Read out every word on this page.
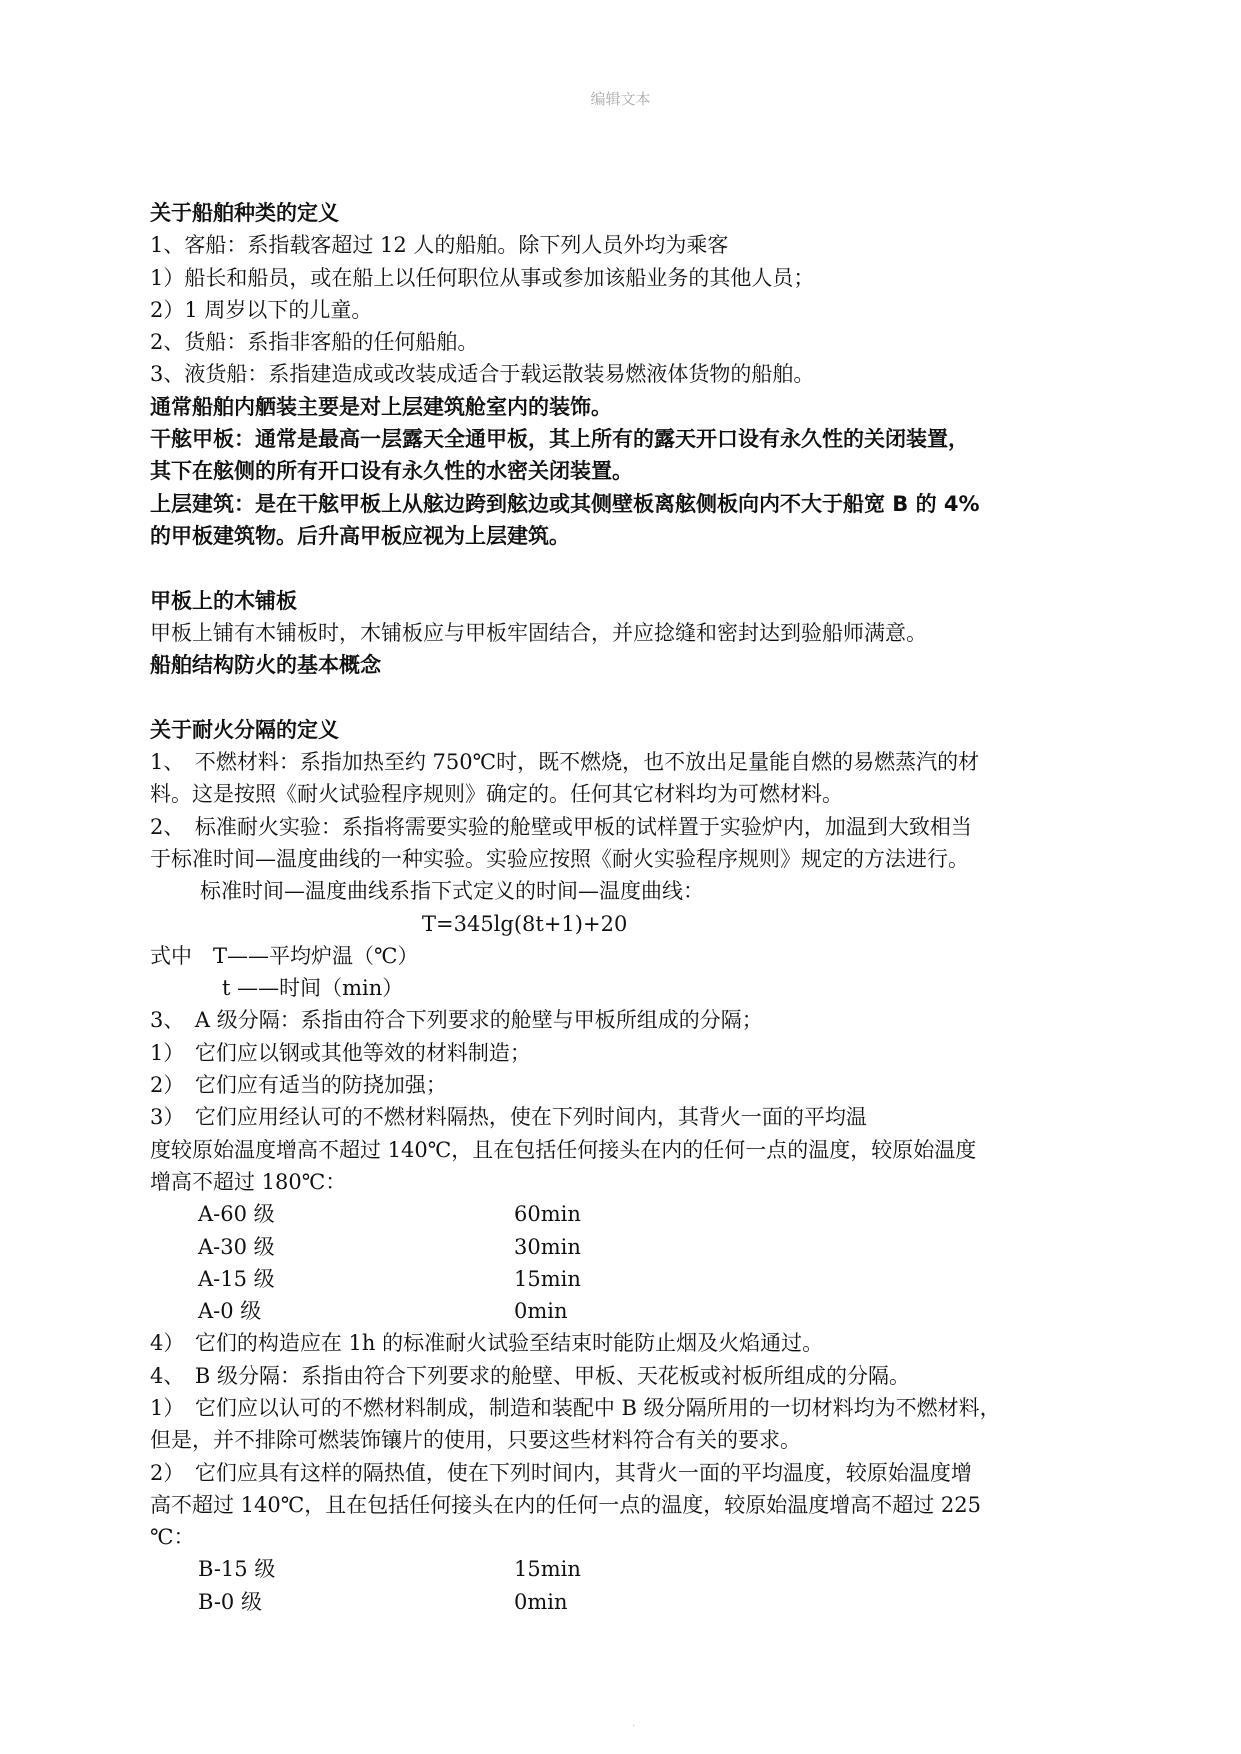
编辑文本
关于船舶种类的定义
1、客船：系指载客超过 12 人的船舶。除下列人员外均为乘客
1）船长和船员，或在船上以任何职位从事或参加该船业务的其他人员；
2）1 周岁以下的儿童。
2、货船：系指非客船的任何船舶。
3、液货船：系指建造成或改装成适合于载运散装易燃液体货物的船舶。
通常船舶内舾装主要是对上层建筑舱室内的装饰。
干舷甲板：通常是最高一层露天全通甲板，其上所有的露天开口设有永久性的关闭装置，
其下在舷侧的所有开口设有永久性的水密关闭装置。
上层建筑：是在干舷甲板上从舷边跨到舷边或其侧壁板离舷侧板向内不大于船宽 B 的 4%
的甲板建筑物。后升高甲板应视为上层建筑。
甲板上的木铺板
甲板上铺有木铺板时，木铺板应与甲板牢固结合，并应捻缝和密封达到验船师满意。
船舶结构防火的基本概念
关于耐火分隔的定义
1、　不燃材料：系指加热至约 750℃时，既不燃烧，也不放出足量能自燃的易燃蒸汽的材
料。这是按照《耐火试验程序规则》确定的。任何其它材料均为可燃材料。
2、　标准耐火实验：系指将需要实验的舱壁或甲板的试样置于实验炉内，加温到大致相当
于标准时间—温度曲线的一种实验。实验应按照《耐火实验程序规则》规定的方法进行。
标准时间—温度曲线系指下式定义的时间—温度曲线：
T=345lg(8t+1)+20
式中　T——平均炉温（℃）
t ——时间（min）
3、　A 级分隔：系指由符合下列要求的舱壁与甲板所组成的分隔；
1）　它们应以钢或其他等效的材料制造；
2）　它们应有适当的防挠加强；
3）　它们应用经认可的不燃材料隔热，使在下列时间内，其背火一面的平均温
度较原始温度增高不超过 140℃，且在包括任何接头在内的任何一点的温度，较原始温度
增高不超过 180℃：
A-60 级	60min
A-30 级	30min
A-15 级	15min
A-0 级	0min
4）　它们的构造应在 1h 的标准耐火试验至结束时能防止烟及火焰通过。
4、　B 级分隔：系指由符合下列要求的舱壁、甲板、天花板或衬板所组成的分隔。
1）　它们应以认可的不燃材料制成，制造和装配中 B 级分隔所用的一切材料均为不燃材料，
但是，并不排除可燃装饰镶片的使用，只要这些材料符合有关的要求。
2）　它们应具有这样的隔热值，使在下列时间内，其背火一面的平均温度，较原始温度增
高不超过 140℃，且在包括任何接头在内的任何一点的温度，较原始温度增高不超过 225
℃：
B-15 级	15min
B-0 级	0min
.
